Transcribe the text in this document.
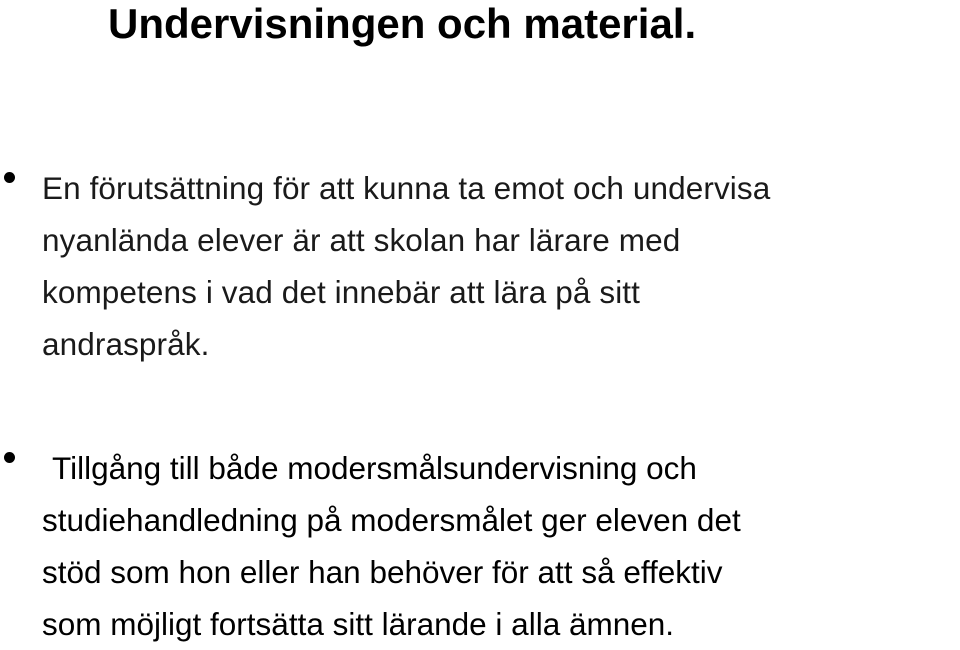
Undervisningen och material.

En förutsättning för att kunna ta emot och undervisa
nyanlända elever är att skolan har lärare med
kompetens i vad det innebär att lära på sitt
andraspråk.

Tillgång till både modersmålsundervisning och
studiehandledning på modersmålet ger eleven det
stöd som hon eller han behöver för att så effektiv
som möjligt fortsätta sitt lärande i alla ämnen.
